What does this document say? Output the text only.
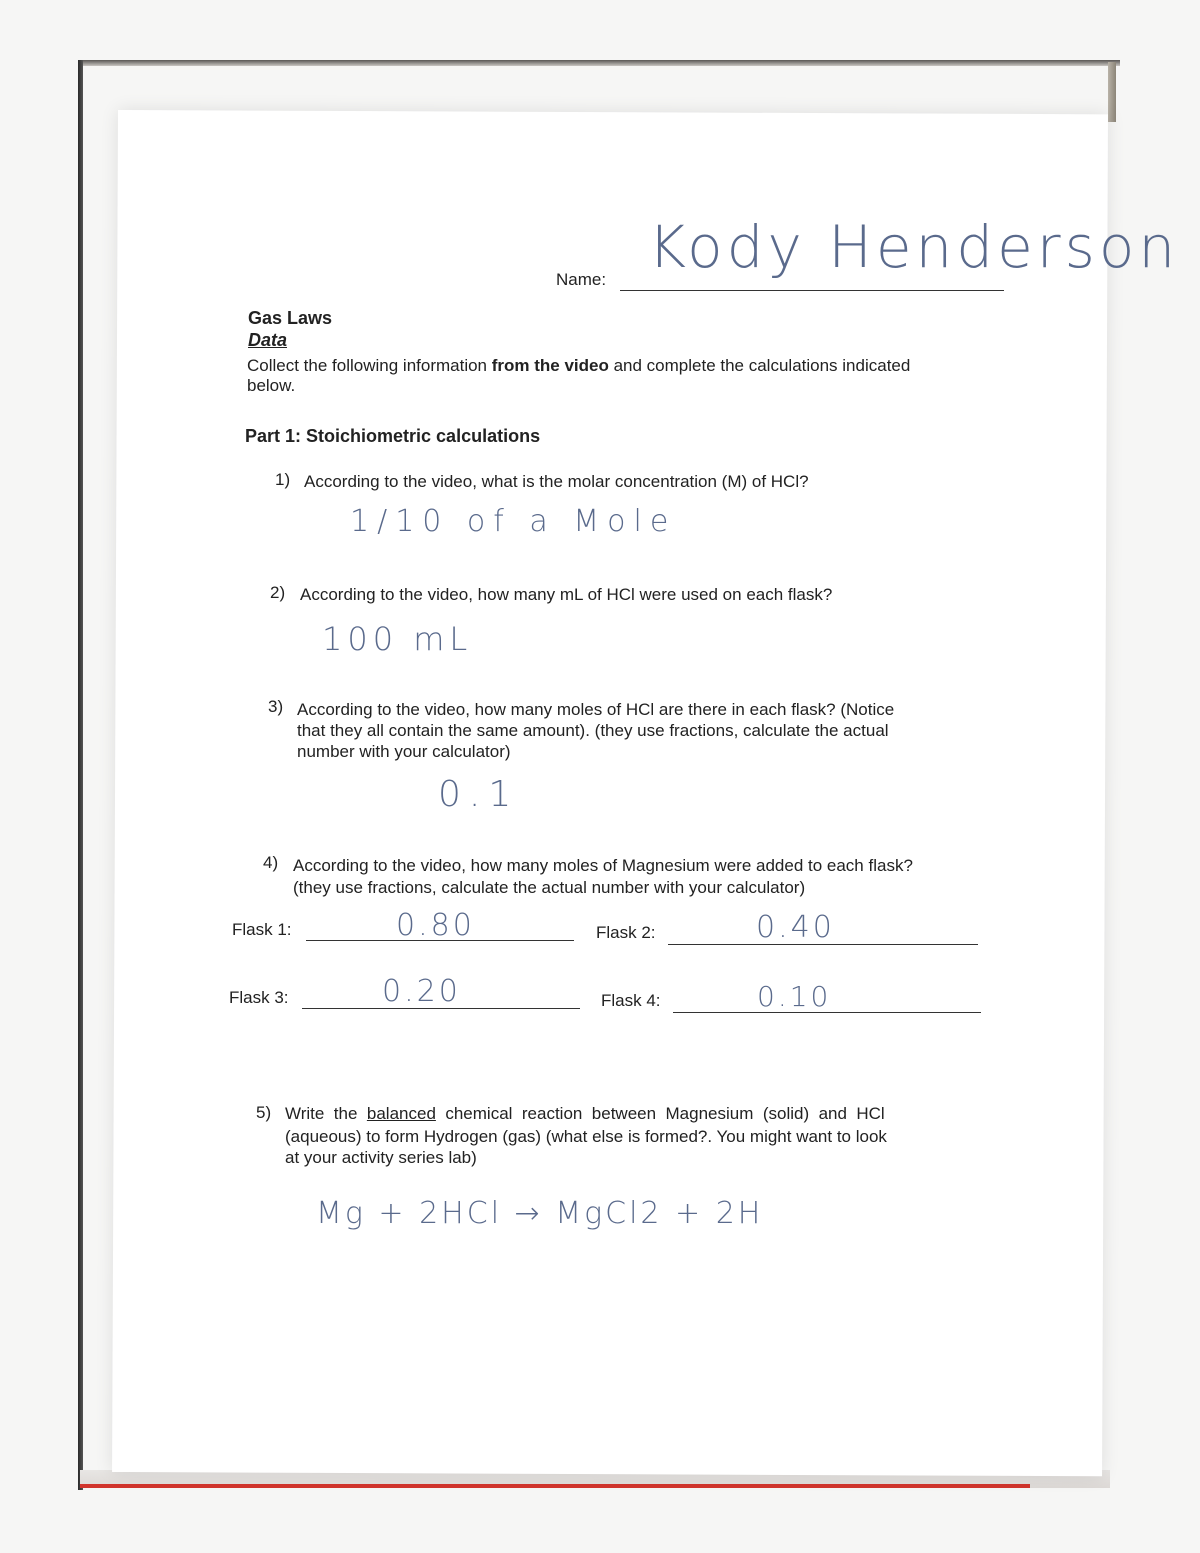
Name: Kody Henderson
Gas Laws
Data
Collect the following information from the video and complete the calculations indicated
below.
Part 1: Stoichiometric calculations
1) According to the video, what is the molar concentration (M) of HCl?
1/10 of a Mole
2) According to the video, how many mL of HCl were used on each flask?
100 mL
3) According to the video, how many moles of HCl are there in each flask? (Notice
that they all contain the same amount). (they use fractions, calculate the actual
number with your calculator)
0.1
4) According to the video, how many moles of Magnesium were added to each flask?
(they use fractions, calculate the actual number with your calculator)
Flask 1:	0.80	Flask 2:	0.40
Flask 3:	0.20	Flask 4:	0.10
5) Write  the  balanced  chemical  reaction  between  Magnesium  (solid)  and  HCl
(aqueous) to form Hydrogen (gas) (what else is formed?. You might want to look
at your activity series lab)
Mg + 2HCl → MgCl2 + 2H
